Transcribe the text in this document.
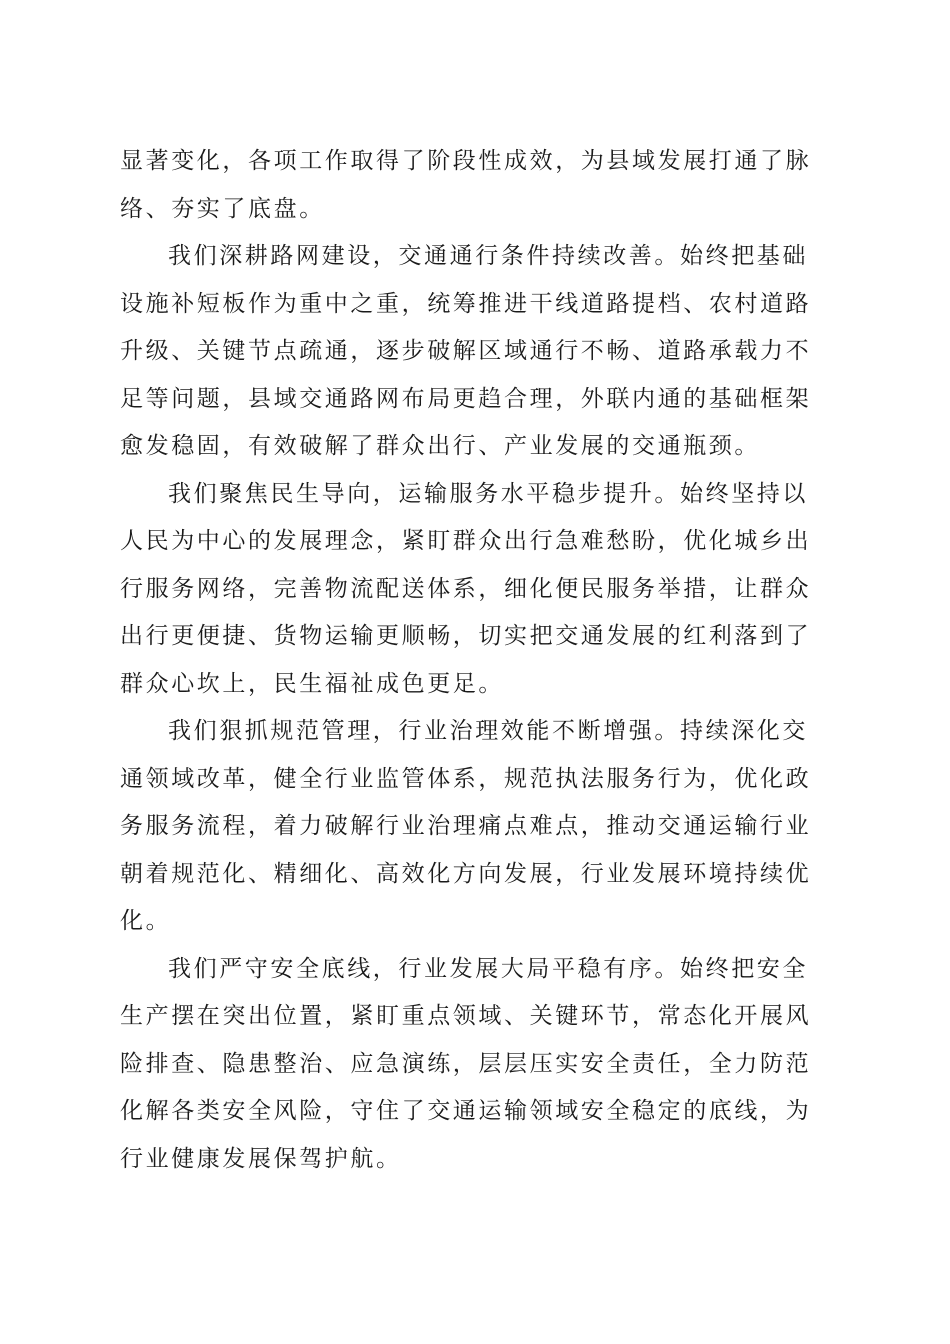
显著变化，各项工作取得了阶段性成效，为县域发展打通了脉
络、夯实了底盘。
我们深耕路网建设，交通通行条件持续改善。始终把基础
设施补短板作为重中之重，统筹推进干线道路提档、农村道路
升级、关键节点疏通，逐步破解区域通行不畅、道路承载力不
足等问题，县域交通路网布局更趋合理，外联内通的基础框架
愈发稳固，有效破解了群众出行、产业发展的交通瓶颈。
我们聚焦民生导向，运输服务水平稳步提升。始终坚持以
人民为中心的发展理念，紧盯群众出行急难愁盼，优化城乡出
行服务网络，完善物流配送体系，细化便民服务举措，让群众
出行更便捷、货物运输更顺畅，切实把交通发展的红利落到了
群众心坎上，民生福祉成色更足。
我们狠抓规范管理，行业治理效能不断增强。持续深化交
通领域改革，健全行业监管体系，规范执法服务行为，优化政
务服务流程，着力破解行业治理痛点难点，推动交通运输行业
朝着规范化、精细化、高效化方向发展，行业发展环境持续优
化。
我们严守安全底线，行业发展大局平稳有序。始终把安全
生产摆在突出位置，紧盯重点领域、关键环节，常态化开展风
险排查、隐患整治、应急演练，层层压实安全责任，全力防范
化解各类安全风险，守住了交通运输领域安全稳定的底线，为
行业健康发展保驾护航。
